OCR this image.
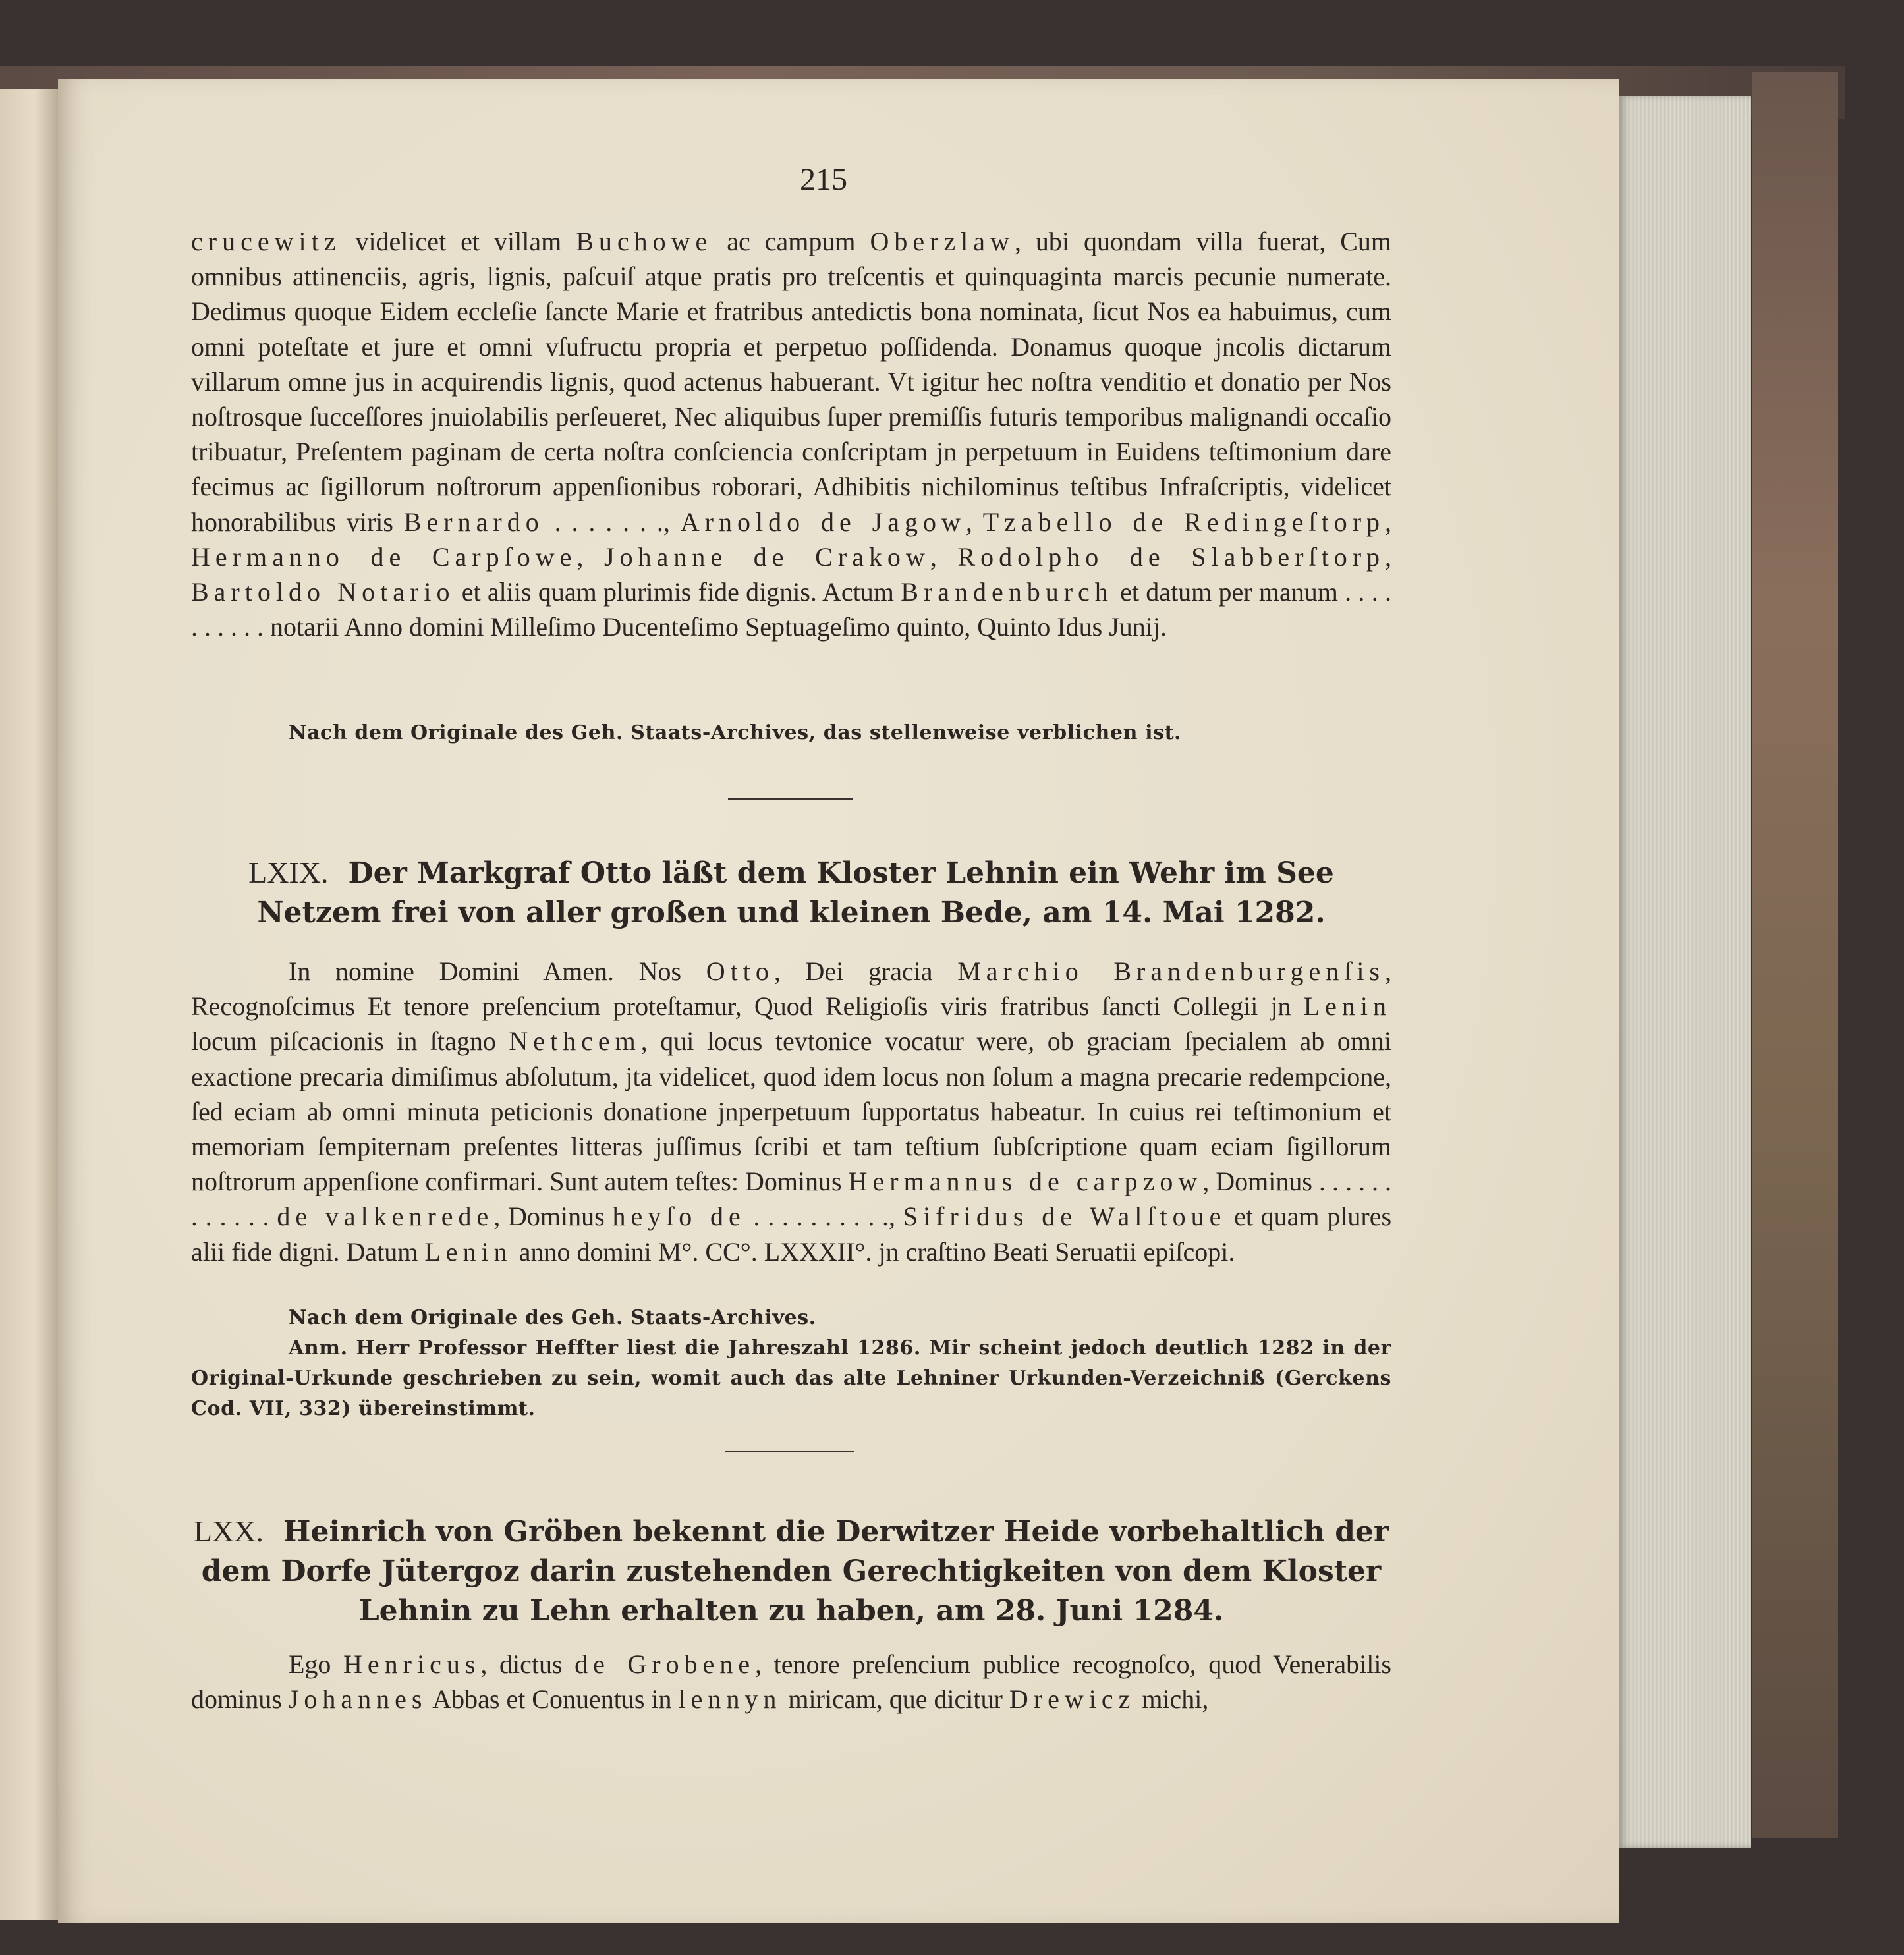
215

crucewitz videlicet et villam Buchowe ac campum Oberzlaw, ubi quondam villa fuerat, Cum omnibus attinenciis, agris, lignis, paſcuiſ atque pratis pro treſcentis et quinquaginta marcis pecunie numerate. Dedimus quoque Eidem eccleſie ſancte Marie et fratribus antedictis bona nominata, ſicut Nos ea habuimus, cum omni poteſtate et jure et omni vſufructu propria et perpetuo poſſidenda. Donamus quoque jncolis dictarum villarum omne jus in acquirendis lignis, quod actenus habuerant. Vt igitur hec noſtra venditio et donatio per Nos noſtrosque ſucceſſores jnuiolabilis perſeueret, Nec aliquibus ſuper premiſſis futuris temporibus malignandi occaſio tribuatur, Preſentem paginam de certa noſtra conſciencia conſcriptam jn perpetuum in Euidens teſtimonium dare fecimus ac ſigillorum noſtrorum appenſionibus roborari, Adhibitis nichilominus teſtibus Infraſcriptis, videlicet honorabilibus viris Bernardo . . . . . . ., Arnoldo de Jagow, Tzabello de Redingeſtorp, Hermanno de Carpſowe, Johanne de Crakow, Rodolpho de Slabberſtorp, Bartoldo Notario et aliis quam plurimis fide dignis. Actum Brandenburch et datum per manum . . . . . . . . . . notarii Anno domini Milleſimo Ducenteſimo Septuageſimo quinto, Quinto Idus Junij.

Nach dem Originale des Geh. Staats-Archives, das stellenweise verblichen ist.

LXIX. Der Markgraf Otto läßt dem Kloster Lehnin ein Wehr im See Netzem frei von aller großen und kleinen Bede, am 14. Mai 1282.

In nomine Domini Amen. Nos Otto, Dei gracia Marchio Brandenburgenſis, Recognoſcimus Et tenore preſencium proteſtamur, Quod Religioſis viris fratribus ſancti Collegii jn Lenin locum piſcacionis in ſtagno Nethcem, qui locus tevtonice vocatur were, ob graciam ſpecialem ab omni exactione precaria dimiſimus abſolutum, jta videlicet, quod idem locus non ſolum a magna precarie redempcione, ſed eciam ab omni minuta peticionis donatione jnperpetuum ſupportatus habeatur. In cuius rei teſtimonium et memoriam ſempiternam preſentes litteras juſſimus ſcribi et tam teſtium ſubſcriptione quam eciam ſigillorum noſtrorum appenſione confirmari. Sunt autem teſtes: Dominus Hermannus de carpzow, Dominus . . . . . . . . . . . . de valkenrede, Dominus heyſo de . . . . . . . . . ., Sifridus de Walſtoue et quam plures alii fide digni. Datum Lenin anno domini M°. CC°. LXXXII°. jn craſtino Beati Seruatii epiſcopi.

Nach dem Originale des Geh. Staats-Archives.

Anm. Herr Professor Heffter liest die Jahreszahl 1286. Mir scheint jedoch deutlich 1282 in der Original-Urkunde geschrieben zu sein, womit auch das alte Lehniner Urkunden-Verzeichniß (Gerckens Cod. VII, 332) übereinstimmt.

LXX. Heinrich von Gröben bekennt die Derwitzer Heide vorbehaltlich der dem Dorfe Jütergoz darin zustehenden Gerechtigkeiten von dem Kloster Lehnin zu Lehn erhalten zu haben, am 28. Juni 1284.

Ego Henricus, dictus de Grobene, tenore preſencium publice recognoſco, quod Venerabilis dominus Johannes Abbas et Conuentus in lennyn miricam, que dicitur Drewicz michi,
